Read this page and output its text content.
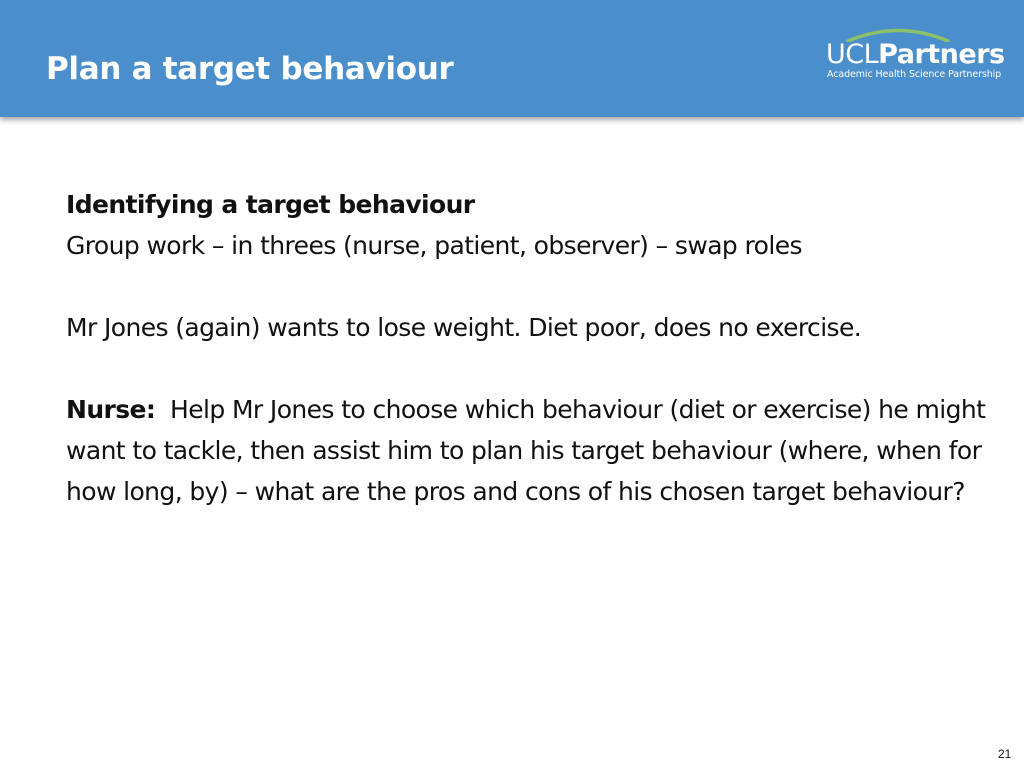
Plan a target behaviour	UCLPartners
Academic Health Science Partnership

Identifying a target behaviour

Group work – in threes (nurse, patient, observer) – swap roles

Mr Jones (again) wants to lose weight. Diet poor, does no exercise.

Nurse: Help Mr Jones to choose which behaviour (diet or exercise) he might want to tackle, then assist him to plan his target behaviour (where, when for how long, by) – what are the pros and cons of his chosen target behaviour?

21
